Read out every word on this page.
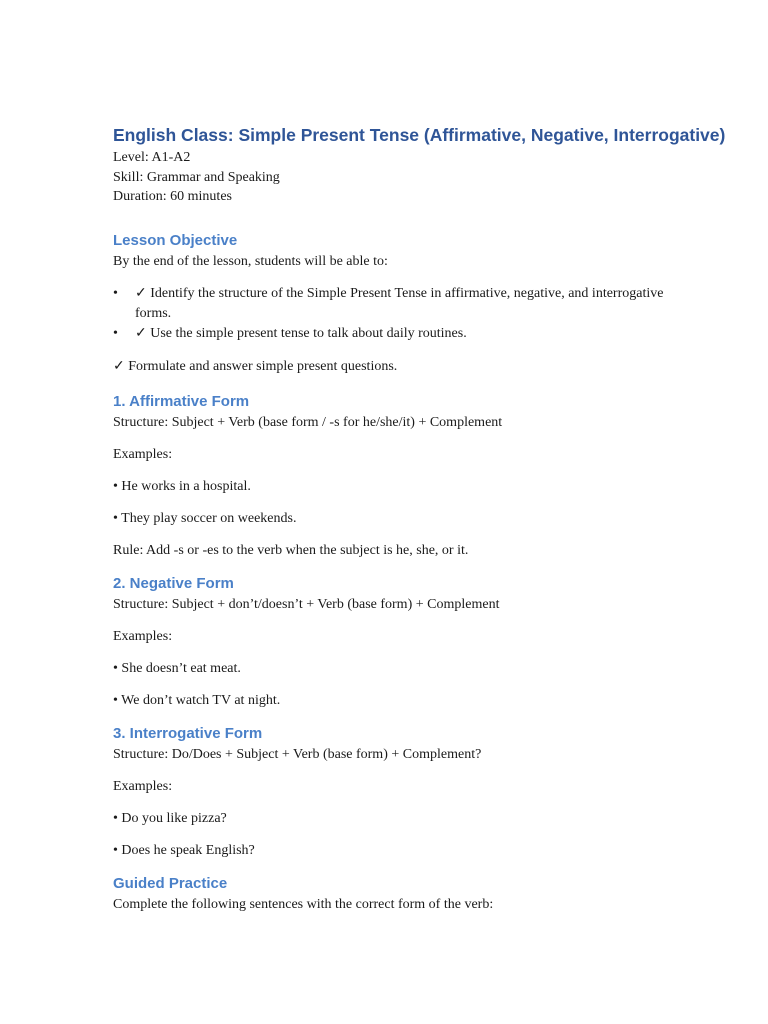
English Class: Simple Present Tense (Affirmative, Negative, Interrogative)

Level: A1-A2

Skill: Grammar and Speaking

Duration: 60 minutes

Lesson Objective

By the end of the lesson, students will be able to:

• ✓ Identify the structure of the Simple Present Tense in affirmative, negative, and interrogative forms.
• ✓ Use the simple present tense to talk about daily routines.

✓ Formulate and answer simple present questions.

1. Affirmative Form

Structure: Subject + Verb (base form / -s for he/she/it) + Complement

Examples:

• He works in a hospital.

• They play soccer on weekends.

Rule: Add -s or -es to the verb when the subject is he, she, or it.

2. Negative Form

Structure: Subject + don’t/doesn’t + Verb (base form) + Complement

Examples:

• She doesn’t eat meat.

• We don’t watch TV at night.

3. Interrogative Form

Structure: Do/Does + Subject + Verb (base form) + Complement?

Examples:

• Do you like pizza?

• Does he speak English?

Guided Practice

Complete the following sentences with the correct form of the verb:
